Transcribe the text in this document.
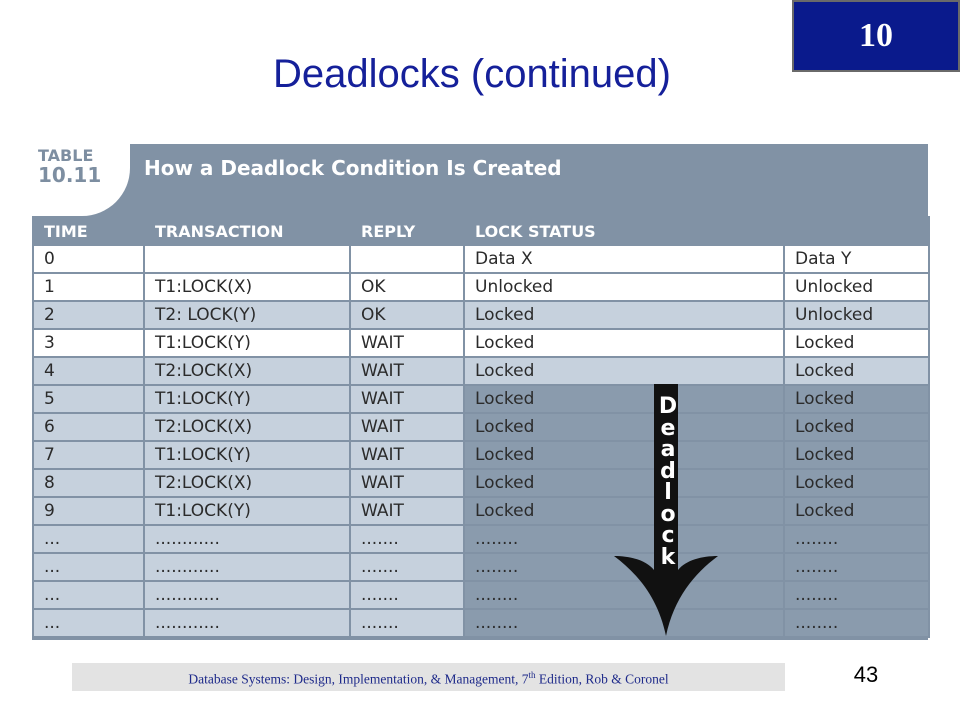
10
Deadlocks (continued)
TABLE
10.11 How a Deadlock Condition Is Created
TIME	TRANSACTION	REPLY	LOCK STATUS	
0			Data X	Data Y
1	T1:LOCK(X)	OK	Unlocked	Unlocked
2	T2: LOCK(Y)	OK	Locked	Unlocked
3	T1:LOCK(Y)	WAIT	Locked	Locked
4	T2:LOCK(X)	WAIT	Locked	Locked
5	T1:LOCK(Y)	WAIT	Locked	Locked
6	T2:LOCK(X)	WAIT	Locked	Locked
7	T1:LOCK(Y)	WAIT	Locked	Locked
8	T2:LOCK(X)	WAIT	Locked	Locked
9	T1:LOCK(Y)	WAIT	Locked	Locked
...	............	.......	........	........
...	............	.......	........	........
...	............	.......	........	........
...	............	.......	........	........
D
e
a
d
l
o
c
k
Database Systems: Design, Implementation, & Management, 7th Edition, Rob & Coronel	43
